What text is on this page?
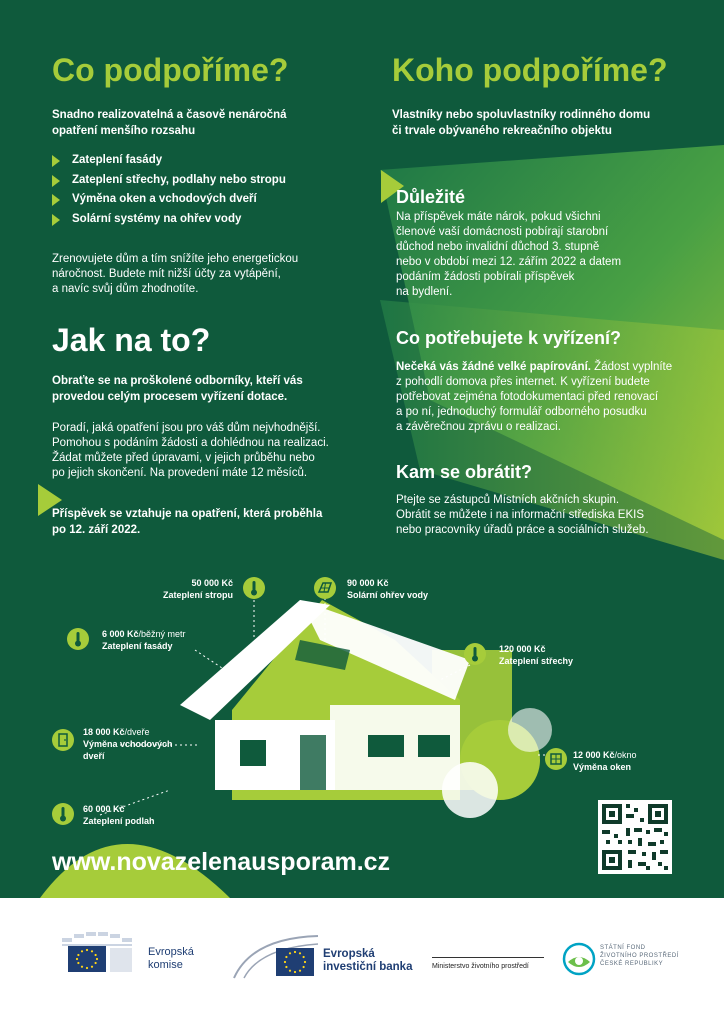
Co podpoříme?
Snadno realizovatelná a časově nenáročná
opatření menšího rozsahu
Zateplení fasády
Zateplení střechy, podlahy nebo stropu
Výměna oken a vchodových dveří
Solární systémy na ohřev vody
Zrenovujete dům a tím snížíte jeho energetickou
náročnost. Budete mít nižší účty za vytápění,
a navíc svůj dům zhodnotíte.
Jak na to?
Obraťte se na proškolené odborníky, kteří vás
provedou celým procesem vyřízení dotace.
Poradí, jaká opatření jsou pro váš dům nejvhodnější.
Pomohou s podáním žádosti a dohlédnou na realizaci.
Žádat můžete před úpravami, v jejich průběhu nebo
po jejich skončení. Na provedení máte 12 měsíců.
Příspěvek se vztahuje na opatření, která proběhla
po 12. září 2022.
Koho podpoříme?
Vlastníky nebo spoluvlastníky rodinného domu
či trvale obývaného rekreačního objektu
Důležité
Na příspěvek máte nárok, pokud všichni
členové vaší domácnosti pobírají starobní
důchod nebo invalidní důchod 3. stupně
nebo v období mezi 12. zářím 2022 a datem
podáním žádosti pobírali příspěvek
na bydlení.
Co potřebujete k vyřízení?
Nečeká vás žádné velké papírování. Žádost vyplníte
z pohodlí domova přes internet. K vyřízení budete
potřebovat zejména fotodokumentaci před renovací
a po ní, jednoduchý formulář odborného posudku
a závěrečnou zprávu o realizaci.
Kam se obrátit?
Ptejte se zástupců Místních akčních skupin.
Obrátit se můžete i na informační střediska EKIS
nebo pracovníky úřadů práce a sociálních služeb.
50 000 Kč
Zateplení stropu
90 000 Kč
Solární ohřev vody
6 000 Kč/běžný metr
Zateplení fasády	120 000 Kč
Zateplení střechy
18 000 Kč/dveře
Výměna vchodových
dveří	12 000 Kč/okno
Výměna oken
60 000 Kč
Zateplení podlah
www.novazelenausporam.cz
Evropská
komise
Evropská
investiční banka	Ministerstvo životního prostředí
STÁTNÍ FOND
ŽIVOTNÍHO PROSTŘEDÍ
ČESKÉ REPUBLIKY
